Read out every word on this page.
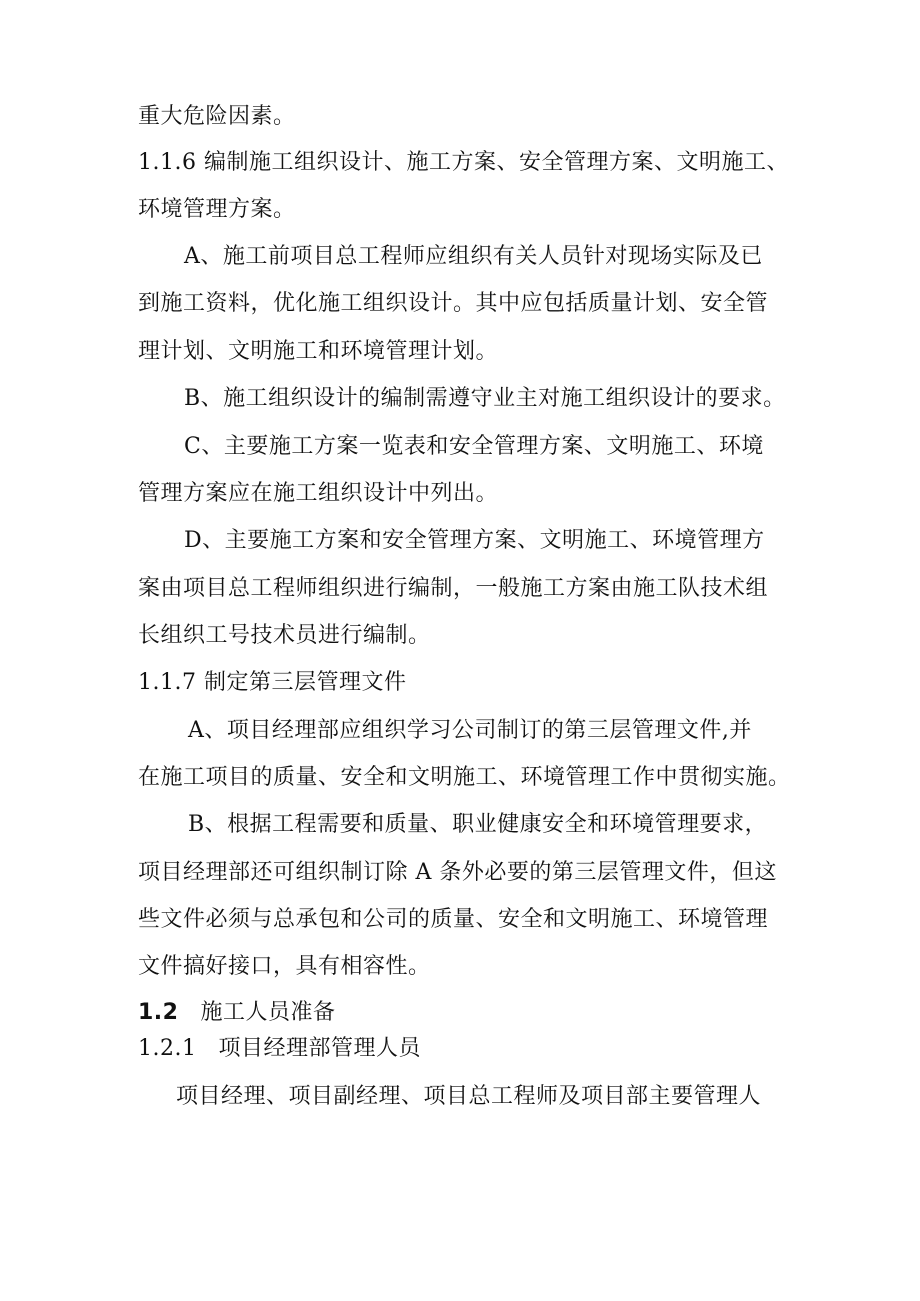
重大危险因素。
1.1.6 编制施工组织设计、施工方案、安全管理方案、文明施工、
环境管理方案。
A、施工前项目总工程师应组织有关人员针对现场实际及已
到施工资料，优化施工组织设计。其中应包括质量计划、安全管
理计划、文明施工和环境管理计划。
B、施工组织设计的编制需遵守业主对施工组织设计的要求。
C、主要施工方案一览表和安全管理方案、文明施工、环境
管理方案应在施工组织设计中列出。
D、主要施工方案和安全管理方案、文明施工、环境管理方
案由项目总工程师组织进行编制，一般施工方案由施工队技术组
长组织工号技术员进行编制。
1.1.7 制定第三层管理文件
A、项目经理部应组织学习公司制订的第三层管理文件,并
在施工项目的质量、安全和文明施工、环境管理工作中贯彻实施。
B、根据工程需要和质量、职业健康安全和环境管理要求，
项目经理部还可组织制订除 A 条外必要的第三层管理文件，但这
些文件必须与总承包和公司的质量、安全和文明施工、环境管理
文件搞好接口，具有相容性。
1.2 施工人员准备
1.2.1 项目经理部管理人员
项目经理、项目副经理、项目总工程师及项目部主要管理人
